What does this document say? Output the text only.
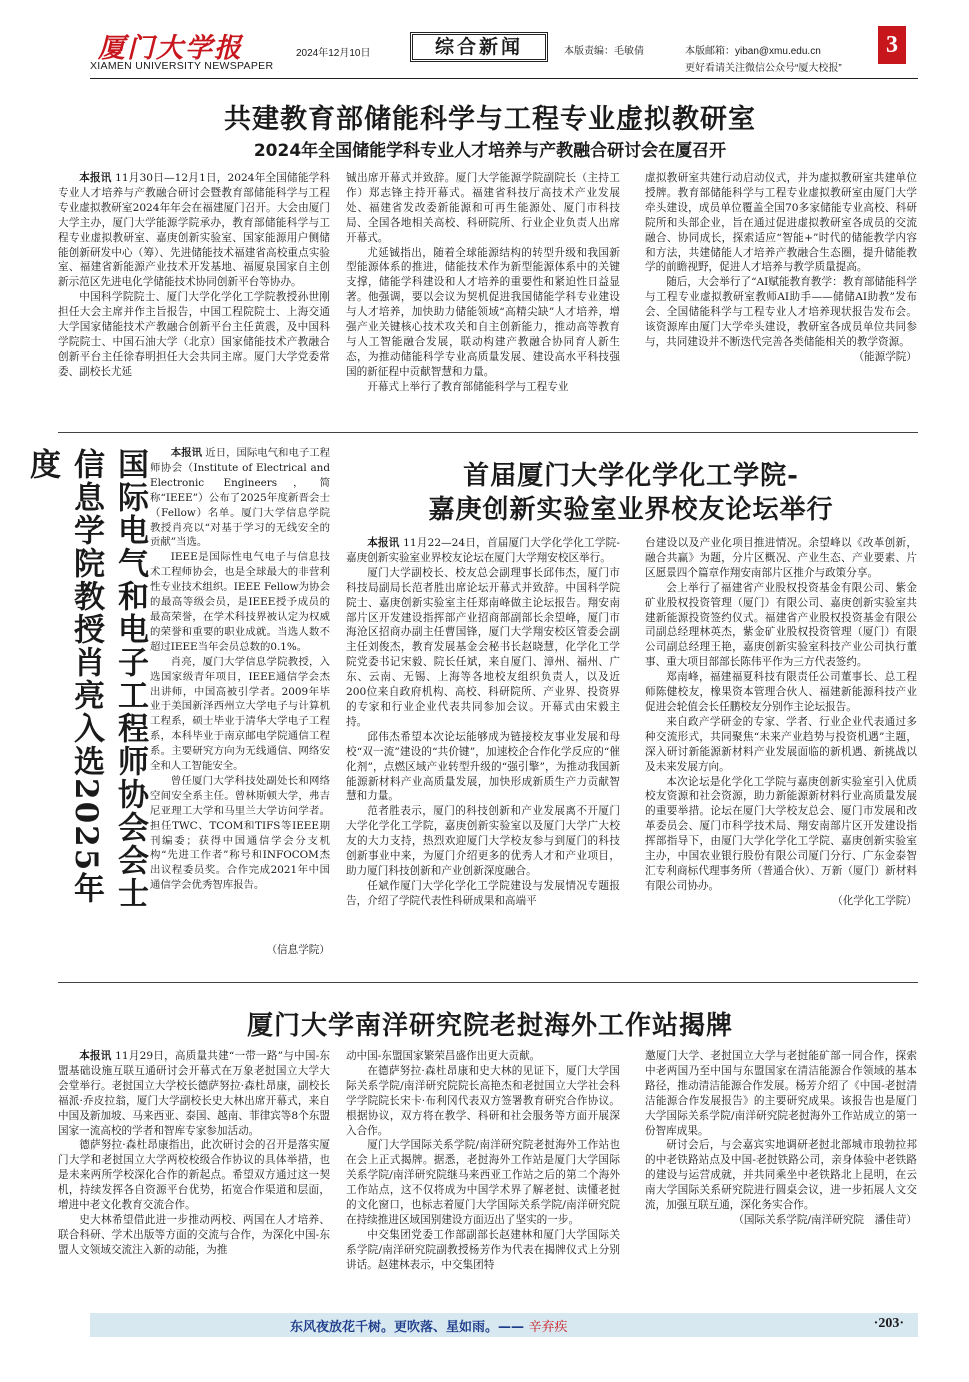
厦门大学报
XIAMEN UNIVERSITY NEWSPAPER
2024年12月10日	综合新闻	本版责编：毛敏倩	本版邮箱：yiban@xmu.edu.cn
更好看请关注微信公众号“厦大校报”
3
共建教育部储能科学与工程专业虚拟教研室
2024年全国储能学科专业人才培养与产教融合研讨会在厦召开

本报讯 11月30日—12月1日，2024年全国储能学科专业人才培养与产教融合研讨会暨教育部储能科学与工程专业虚拟教研室2024年年会在福建厦门召开。大会由厦门大学主办，厦门大学能源学院承办，教育部储能科学与工程专业虚拟教研室、嘉庚创新实验室、国家能源用户侧储能创新研发中心（筹）、先进储能技术福建省高校重点实验室、福建省新能源产业技术开发基地、福厦泉国家自主创新示范区先进电化学储能技术协同创新平台等协办。

中国科学院院士、厦门大学化学化工学院教授孙世刚担任大会主席并作主旨报告，中国工程院院士、上海交通大学国家储能技术产教融合创新平台主任黄震，及中国科学院院士、中国石油大学（北京）国家储能技术产教融合创新平台主任徐春明担任大会共同主席。厦门大学党委常委、副校长尤延

铖出席开幕式并致辞。厦门大学能源学院副院长（主持工作）郑志锋主持开幕式。福建省科技厅高技术产业发展处、福建省发改委新能源和可再生能源处、厦门市科技局、全国各地相关高校、科研院所、行业企业负责人出席开幕式。

尤延铖指出，随着全球能源结构的转型升级和我国新型能源体系的推进，储能技术作为新型能源体系中的关键支撑，储能学科建设和人才培养的重要性和紧迫性日益显著。他强调，要以会议为契机促进我国储能学科专业建设与人才培养，加快助力储能领域“高精尖缺”人才培养，增强产业关键核心技术攻关和自主创新能力，推动高等教育与人工智能融合发展，联动构建产教融合协同育人新生态，为推动储能科学专业高质量发展、建设高水平科技强国的新征程中贡献智慧和力量。

开幕式上举行了教育部储能科学与工程专业

虚拟教研室共建行动启动仪式，并为虚拟教研室共建单位授牌。教育部储能科学与工程专业虚拟教研室由厦门大学牵头建设，成员单位覆盖全国70多家储能专业高校、科研院所和头部企业，旨在通过促进虚拟教研室各成员的交流融合、协同成长，探索适应“智能+”时代的储能教学内容和方法，共建储能人才培养产教融合生态圈，提升储能教学的前瞻视野，促进人才培养与教学质量提高。

随后，大会举行了“AI赋能教育教学：教育部储能科学与工程专业虚拟教研室教师AI助手——储储AI助教”发布会、全国储能科学与工程专业人才培养现状报告发布会。该资源库由厦门大学牵头建设，教研室各成员单位共同参与，共同建设并不断迭代完善各类储能相关的教学资源。

（能源学院）

国际电气和电子工程师协会会士信息学院教授肖亮入选2025年度	本报讯 近日，国际电气和电子工程师协会（Institute of Electrical and Electronic Engineers，简称“IEEE”）公布了2025年度新晋会士（Fellow）名单。厦门大学信息学院教授肖亮以“对基于学习的无线安全的贡献”当选。

IEEE是国际性电气电子与信息技术工程师协会，也是全球最大的非营利性专业技术组织。IEEE Fellow为协会的最高等级会员，是IEEE授予成员的最高荣誉，在学术科技界被认定为权威的荣誉和重要的职业成就。当选人数不超过IEEE当年会员总数的0.1%。

肖亮，厦门大学信息学院教授，入选国家级青年项目，IEEE通信学会杰出讲师，中国高被引学者。2009年毕业于美国新泽西州立大学电子与计算机工程系，硕士毕业于清华大学电子工程系，本科毕业于南京邮电学院通信工程系。主要研究方向为无线通信、网络安全和人工智能安全。

曾任厦门大学科技处副处长和网络空间安全系主任。曾林斯顿大学，弗吉尼亚理工大学和马里兰大学访问学者。担任TWC、TCOM和TIFS等IEEE期刊编委；获得中国通信学会分支机构“先进工作者”称号和INFOCOM杰出议程委员奖。合作完成2021年中国通信学会优秀智库报告。

（信息学院）

首届厦门大学化学化工学院-
嘉庚创新实验室业界校友论坛举行

本报讯 11月22—24日，首届厦门大学化学化工学院-嘉庚创新实验室业界校友论坛在厦门大学翔安校区举行。

厦门大学副校长、校友总会副理事长邱伟杰，厦门市科技局副局长范者胜出席论坛开幕式并致辞。中国科学院院士、嘉庚创新实验室主任郑南峰做主论坛报告。翔安南部片区开发建设指挥部产业招商部副部长余望峰，厦门市海沧区招商办副主任曹国锋，厦门大学翔安校区管委会副主任刘俊杰，教育发展基金会秘书长赵晓慧，化学化工学院党委书记宋毅、院长任斌，来自厦门、漳州、福州、广东、云南、无锡、上海等各地校友组织负责人，以及近200位来自政府机构、高校、科研院所、产业界、投资界的专家和行业企业代表共同参加会议。开幕式由宋毅主持。

邱伟杰希望本次论坛能够成为链接校友事业发展和母校“双一流”建设的“共价键”，加速校企合作化学反应的“催化剂”，点燃区域产业转型升级的“强引擎”，为推动我国新能源新材料产业高质量发展，加快形成新质生产力贡献智慧和力量。

范者胜表示，厦门的科技创新和产业发展离不开厦门大学化学化工学院，嘉庚创新实验室以及厦门大学广大校友的大力支持，热烈欢迎厦门大学校友参与到厦门的科技创新事业中来，为厦门介绍更多的优秀人才和产业项目，助力厦门科技创新和产业创新深度融合。

任斌作厦门大学化学化工学院建设与发展情况专题报告，介绍了学院代表性科研成果和高端平

台建设以及产业化项目推进情况。余望峰以《改革创新，融合共赢》为题，分片区概况、产业生态、产业要素、片区愿景四个篇章作翔安南部片区推介与政策分享。

会上举行了福建省产业股权投资基金有限公司、紫金矿业股权投资管理（厦门）有限公司、嘉庚创新实验室共建新能源投资签约仪式。福建省产业股权投资基金有限公司副总经理林英杰，紫金矿业股权投资管理（厦门）有限公司副总经理王艳，嘉庚创新实验室科技产业公司执行董事、重大项目部部长陈伟平作为三方代表签约。

郑南峰，福建福夏科技有限责任公司董事长、总工程师陈健校友，橡果资本管理合伙人、福建新能源科技产业促进会轮值会长任鹏校友分别作主论坛报告。

来自政产学研金的专家、学者、行业企业代表通过多种交流形式，共同聚焦“未来产业趋势与投资机遇”主题，深入研讨新能源新材料产业发展面临的新机遇、新挑战以及未来发展方向。

本次论坛是化学化工学院与嘉庚创新实验室引入优质校友资源和社会资源，助力新能源新材料行业高质量发展的重要举措。论坛在厦门大学校友总会、厦门市发展和改革委员会、厦门市科学技术局、翔安南部片区开发建设指挥部指导下，由厦门大学化学化工学院、嘉庚创新实验室主办，中国农业银行股份有限公司厦门分行、广东金泰智汇专利商标代理事务所（普通合伙）、万新（厦门）新材料有限公司协办。

（化学化工学院）

厦门大学南洋研究院老挝海外工作站揭牌

本报讯 11月29日，高质量共建“一带一路”与中国-东盟基础设施互联互通研讨会开幕式在万象老挝国立大学大会堂举行。老挝国立大学校长德萨努拉·森杜昂康，副校长福派·乔皮拉翁，厦门大学副校长史大林出席开幕式，来自中国及新加坡、马来西亚、泰国、越南、菲律宾等8个东盟国家一流高校的学者和智库专家参加活动。

德萨努拉·森杜昂康指出，此次研讨会的召开是落实厦门大学和老挝国立大学两校校级合作协议的具体举措，也是未来两所学校深化合作的新起点。希望双方通过这一契机，持续发挥各自资源平台优势，拓宽合作渠道和层面，增进中老文化教育交流合作。

史大林希望借此进一步推动两校、两国在人才培养、联合科研、学术出版等方面的交流与合作，为深化中国-东盟人文领域交流注入新的动能，为推

动中国-东盟国家繁荣昌盛作出更大贡献。

在德萨努拉·森杜昂康和史大林的见证下，厦门大学国际关系学院/南洋研究院院长高艳杰和老挝国立大学社会科学学院院长宋卡·布利冈代表双方签署教育研究合作协议。根据协议，双方将在教学、科研和社会服务等方面开展深入合作。

厦门大学国际关系学院/南洋研究院老挝海外工作站也在会上正式揭牌。据悉，老挝海外工作站是厦门大学国际关系学院/南洋研究院继马来西亚工作站之后的第二个海外工作站点，这不仅将成为中国学术界了解老挝、读懂老挝的文化窗口，也标志着厦门大学国际关系学院/南洋研究院在持续推进区域国别建设方面迈出了坚实的一步。

中交集团党委工作部副部长赵建林和厦门大学国际关系学院/南洋研究院副教授杨芳作为代表在揭牌仪式上分别讲话。赵建林表示，中交集团特

邀厦门大学、老挝国立大学与老挝能矿部一同合作，探索中老两国乃至中国与东盟国家在清洁能源合作领域的基本路径，推动清洁能源合作发展。杨芳介绍了《中国-老挝清洁能源合作发展报告》的主要研究成果。该报告也是厦门大学国际关系学院/南洋研究院老挝海外工作站成立的第一份智库成果。

研讨会后，与会嘉宾实地调研老挝北部城市琅勃拉邦的中老铁路站点及中国-老挝铁路公司，亲身体验中老铁路的建设与运营成就，并共同乘坐中老铁路北上昆明，在云南大学国际关系研究院进行圆桌会议，进一步拓展人文交流，加强互联互通，深化务实合作。

（国际关系学院/南洋研究院　潘佳苛）

东风夜放花千树。更吹落、星如雨。—— 辛弃疾	·203·
